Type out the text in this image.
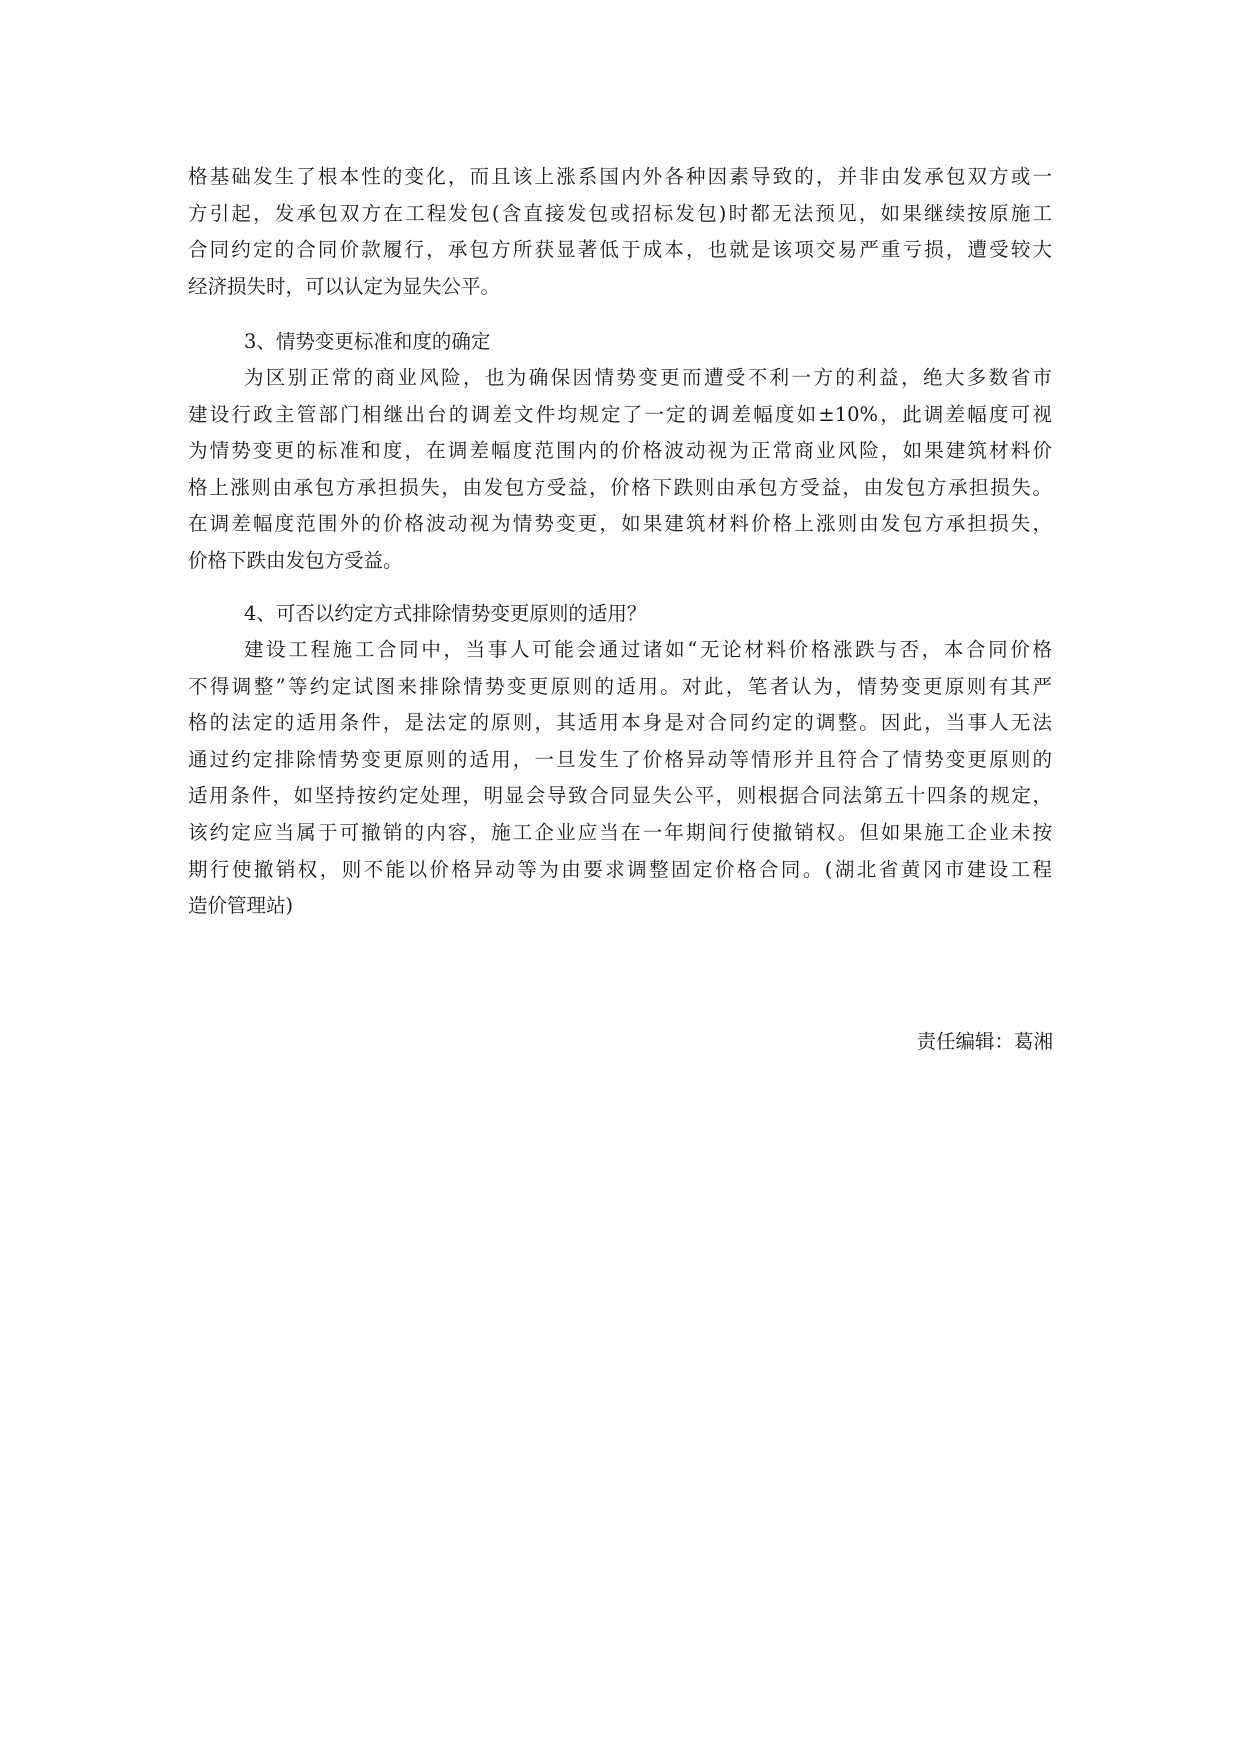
格基础发生了根本性的变化，而且该上涨系国内外各种因素导致的，并非由发承包双方或一
方引起，发承包双方在工程发包(含直接发包或招标发包)时都无法预见，如果继续按原施工
合同约定的合同价款履行，承包方所获显著低于成本，也就是该项交易严重亏损，遭受较大
经济损失时，可以认定为显失公平。
3、情势变更标准和度的确定
为区别正常的商业风险，也为确保因情势变更而遭受不利一方的利益，绝大多数省市
建设行政主管部门相继出台的调差文件均规定了一定的调差幅度如±10%，此调差幅度可视
为情势变更的标准和度，在调差幅度范围内的价格波动视为正常商业风险，如果建筑材料价
格上涨则由承包方承担损失，由发包方受益，价格下跌则由承包方受益，由发包方承担损失。
在调差幅度范围外的价格波动视为情势变更，如果建筑材料价格上涨则由发包方承担损失，
价格下跌由发包方受益。
4、可否以约定方式排除情势变更原则的适用？
建设工程施工合同中，当事人可能会通过诸如“无论材料价格涨跌与否，本合同价格
不得调整”等约定试图来排除情势变更原则的适用。对此，笔者认为，情势变更原则有其严
格的法定的适用条件，是法定的原则，其适用本身是对合同约定的调整。因此，当事人无法
通过约定排除情势变更原则的适用，一旦发生了价格异动等情形并且符合了情势变更原则的
适用条件，如坚持按约定处理，明显会导致合同显失公平，则根据合同法第五十四条的规定，
该约定应当属于可撤销的内容，施工企业应当在一年期间行使撤销权。但如果施工企业未按
期行使撤销权，则不能以价格异动等为由要求调整固定价格合同。(湖北省黄冈市建设工程
造价管理站)
责任编辑：葛湘
